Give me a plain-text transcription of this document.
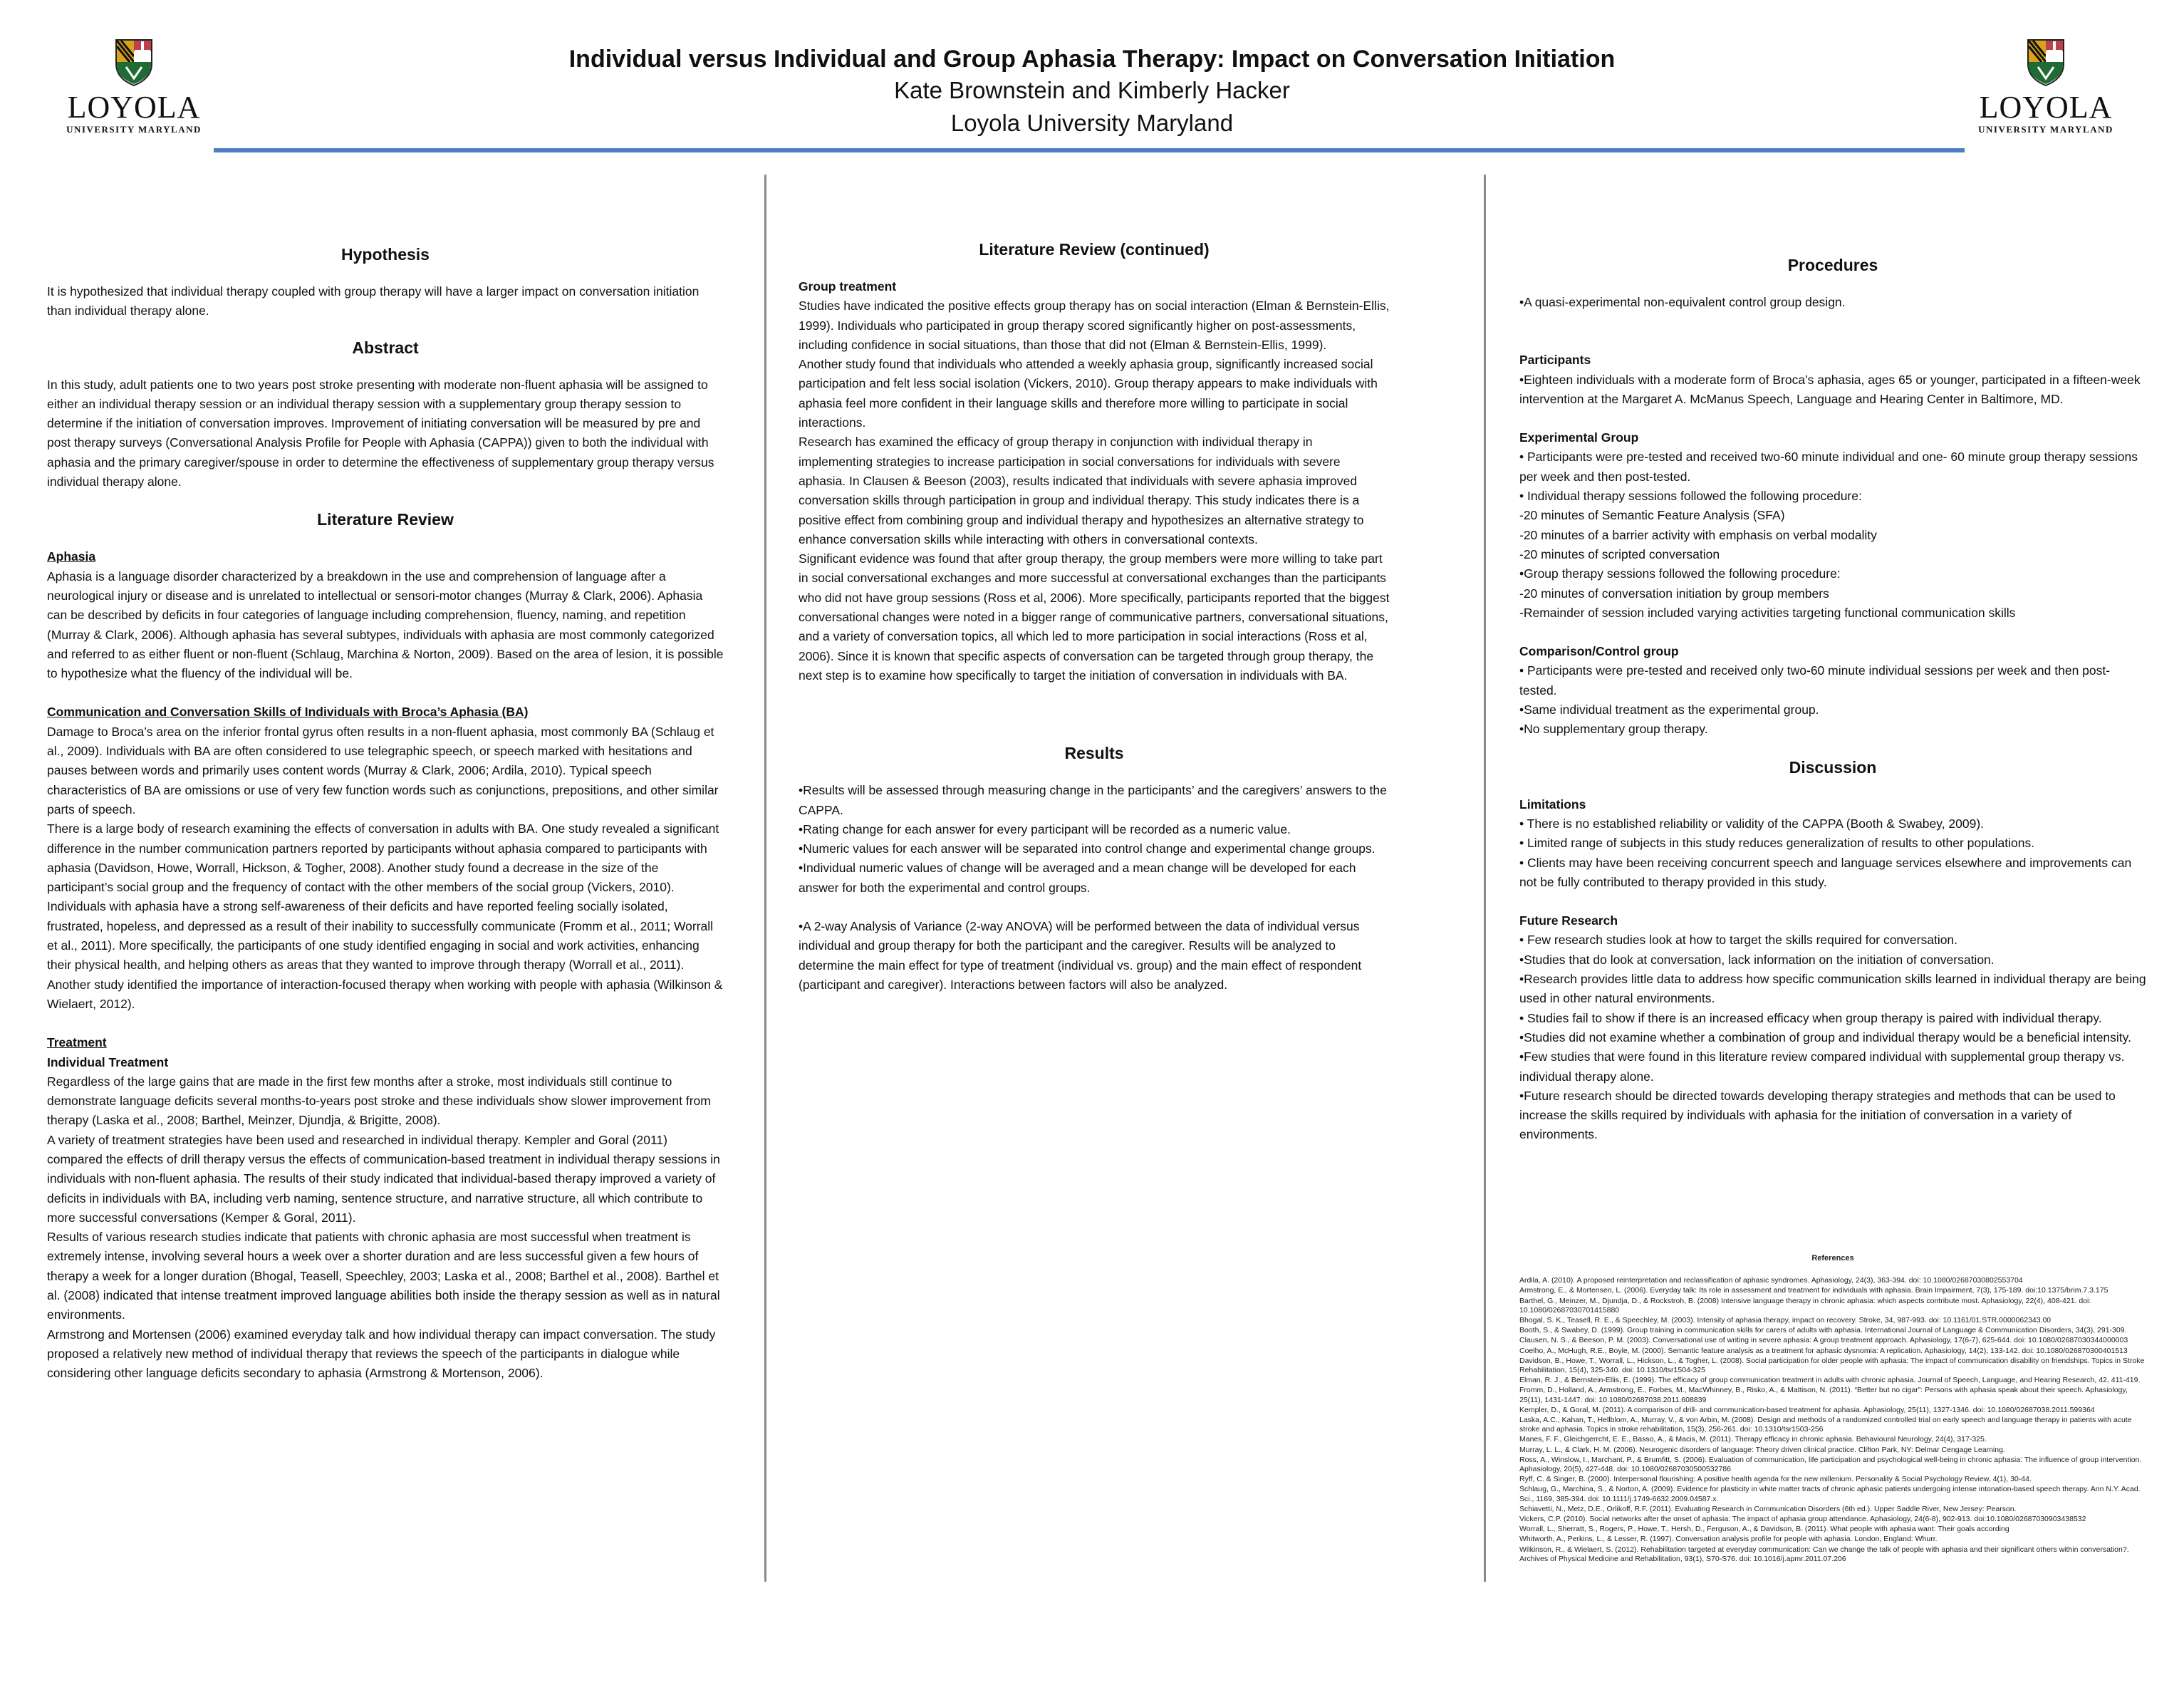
LOYOLA
UNIVERSITY MARYLAND
LOYOLA
UNIVERSITY MARYLAND

Individual versus Individual and Group Aphasia Therapy: Impact on Conversation Initiation

Kate Brownstein and Kimberly Hacker

Loyola University Maryland

Hypothesis

It is hypothesized that individual therapy coupled with group therapy will have a larger impact on conversation initiation than individual therapy alone.

Abstract

In this study, adult patients one to two years post stroke presenting with moderate non-fluent aphasia will be assigned to either an individual therapy session or an individual therapy session with a supplementary group therapy session to determine if the initiation of conversation improves. Improvement of initiating conversation will be measured by pre and post therapy surveys (Conversational Analysis Profile for People with Aphasia (CAPPA)) given to both the individual with aphasia and the primary caregiver/spouse in order to determine the effectiveness of supplementary group therapy versus individual therapy alone.

Literature Review

Aphasia

Aphasia is a language disorder characterized by a breakdown in the use and comprehension of language after a neurological injury or disease and is unrelated to intellectual or sensori-motor changes (Murray & Clark, 2006). Aphasia can be described by deficits in four categories of language including comprehension, fluency, naming, and repetition (Murray & Clark, 2006). Although aphasia has several subtypes, individuals with aphasia are most commonly categorized and referred to as either fluent or non-fluent (Schlaug, Marchina & Norton, 2009). Based on the area of lesion, it is possible to hypothesize what the fluency of the individual will be.

Communication and Conversation Skills of Individuals with Broca’s Aphasia (BA)

Damage to Broca’s area on the inferior frontal gyrus often results in a non-fluent aphasia, most commonly BA (Schlaug et al., 2009). Individuals with BA are often considered to use telegraphic speech, or speech marked with hesitations and pauses between words and primarily uses content words (Murray & Clark, 2006; Ardila, 2010). Typical speech characteristics of BA are omissions or use of very few function words such as conjunctions, prepositions, and other similar parts of speech.

There is a large body of research examining the effects of conversation in adults with BA. One study revealed a significant difference in the number communication partners reported by participants without aphasia compared to participants with aphasia (Davidson, Howe, Worrall, Hickson, & Togher, 2008). Another study found a decrease in the size of the participant’s social group and the frequency of contact with the other members of the social group (Vickers, 2010).

Individuals with aphasia have a strong self-awareness of their deficits and have reported feeling socially isolated, frustrated, hopeless, and depressed as a result of their inability to successfully communicate (Fromm et al., 2011; Worrall et al., 2011). More specifically, the participants of one study identified engaging in social and work activities, enhancing their physical health, and helping others as areas that they wanted to improve through therapy (Worrall et al., 2011). Another study identified the importance of interaction-focused therapy when working with people with aphasia (Wilkinson & Wielaert, 2012).

Treatment

Individual Treatment

Regardless of the large gains that are made in the first few months after a stroke, most individuals still continue to demonstrate language deficits several months-to-years post stroke and these individuals show slower improvement from therapy (Laska et al., 2008; Barthel, Meinzer, Djundja, & Brigitte, 2008).

A variety of treatment strategies have been used and researched in individual therapy. Kempler and Goral (2011) compared the effects of drill therapy versus the effects of communication-based treatment in individual therapy sessions in individuals with non-fluent aphasia. The results of their study indicated that individual-based therapy improved a variety of deficits in individuals with BA, including verb naming, sentence structure, and narrative structure, all which contribute to more successful conversations (Kemper & Goral, 2011).

Results of various research studies indicate that patients with chronic aphasia are most successful when treatment is extremely intense, involving several hours a week over a shorter duration and are less successful given a few hours of therapy a week for a longer duration (Bhogal, Teasell, Speechley, 2003; Laska et al., 2008; Barthel et al., 2008). Barthel et al. (2008) indicated that intense treatment improved language abilities both inside the therapy session as well as in natural environments.

Armstrong and Mortensen (2006) examined everyday talk and how individual therapy can impact conversation. The study proposed a relatively new method of individual therapy that reviews the speech of the participants in dialogue while considering other language deficits secondary to aphasia (Armstrong & Mortenson, 2006).

Literature Review (continued)

Group treatment

Studies have indicated the positive effects group therapy has on social interaction (Elman & Bernstein-Ellis, 1999). Individuals who participated in group therapy scored significantly higher on post-assessments, including confidence in social situations, than those that did not (Elman & Bernstein-Ellis, 1999).

Another study found that individuals who attended a weekly aphasia group, significantly increased social participation and felt less social isolation (Vickers, 2010). Group therapy appears to make individuals with aphasia feel more confident in their language skills and therefore more willing to participate in social interactions.

Research has examined the efficacy of group therapy in conjunction with individual therapy in implementing strategies to increase participation in social conversations for individuals with severe aphasia. In Clausen & Beeson (2003), results indicated that individuals with severe aphasia improved conversation skills through participation in group and individual therapy. This study indicates there is a positive effect from combining group and individual therapy and hypothesizes an alternative strategy to enhance conversation skills while interacting with others in conversational contexts.

Significant evidence was found that after group therapy, the group members were more willing to take part in social conversational exchanges and more successful at conversational exchanges than the participants who did not have group sessions (Ross et al, 2006). More specifically, participants reported that the biggest conversational changes were noted in a bigger range of communicative partners, conversational situations, and a variety of conversation topics, all which led to more participation in social interactions (Ross et al, 2006). Since it is known that specific aspects of conversation can be targeted through group therapy, the next step is to examine how specifically to target the initiation of conversation in individuals with BA.

Results

•Results will be assessed through measuring change in the participants’ and the caregivers’ answers to the CAPPA.

•Rating change for each answer for every participant will be recorded as a numeric value.

•Numeric values for each answer will be separated into control change and experimental change groups.

•Individual numeric values of change will be averaged and a mean change will be developed for each answer for both the experimental and control groups.

•A 2-way Analysis of Variance (2-way ANOVA) will be performed between the data of individual versus individual and group therapy for both the participant and the caregiver. Results will be analyzed to determine the main effect for type of treatment (individual vs. group) and the main effect of respondent (participant and caregiver). Interactions between factors will also be analyzed.

Procedures

•A quasi-experimental non-equivalent control group design.

Participants

•Eighteen individuals with a moderate form of Broca’s aphasia, ages 65 or younger, participated in a fifteen-week intervention at the Margaret A. McManus Speech, Language and Hearing Center in Baltimore, MD.

Experimental Group

• Participants were pre-tested and received two-60 minute individual and one- 60 minute group therapy sessions per week and then post-tested.

• Individual therapy sessions followed the following procedure:

-20 minutes of Semantic Feature Analysis (SFA)

-20 minutes of a barrier activity with emphasis on verbal modality

-20 minutes of scripted conversation

•Group therapy sessions followed the following procedure:

-20 minutes of conversation initiation by group members

-Remainder of session included varying activities targeting functional communication skills

Comparison/Control group

• Participants were pre-tested and received only two-60 minute individual sessions per week and then post-tested.

•Same individual treatment as the experimental group.

•No supplementary group therapy.

Discussion

Limitations

• There is no established reliability or validity of the CAPPA (Booth & Swabey, 2009).

• Limited range of subjects in this study reduces generalization of results to other populations.

• Clients may have been receiving concurrent speech and language services elsewhere and improvements can not be fully contributed to therapy provided in this study.

Future Research

• Few research studies look at how to target the skills required for conversation.

•Studies that do look at conversation, lack information on the initiation of conversation.

•Research provides little data to address how specific communication skills learned in individual therapy are being used in other natural environments.

• Studies fail to show if there is an increased efficacy when group therapy is paired with individual therapy.

•Studies did not examine whether a combination of group and individual therapy would be a beneficial intensity.

•Few studies that were found in this literature review compared individual with supplemental group therapy vs. individual therapy alone.

•Future research should be directed towards developing therapy strategies and methods that can be used to increase the skills required by individuals with aphasia for the initiation of conversation in a variety of environments.

References

Ardila, A. (2010). A proposed reinterpretation and reclassification of aphasic syndromes. Aphasiology, 24(3), 363-394. doi: 10.1080/02687030802553704

Armstrong, E., & Mortensen, L. (2006). Everyday talk: Its role in assessment and treatment for individuals with aphasia. Brain Impairment, 7(3), 175-189. doi:10.1375/brim.7.3.175

Barthel, G., Meinzer, M., Djundja, D., & Rockstroh, B. (2008) Intensive language therapy in chronic aphasia: which aspects contribute most. Aphasiology, 22(4), 408-421. doi: 10.1080/02687030701415880

Bhogal, S. K., Teasell, R. E., & Speechley, M. (2003). Intensity of aphasia therapy, impact on recovery. Stroke, 34, 987-993. doi: 10.1161/01.STR.0000062343.00

Booth, S., & Swabey, D. (1999). Group training in communication skills for carers of adults with aphasia. International Journal of Language & Communication Disorders, 34(3), 291-309.

Clausen, N. S., & Beeson, P. M. (2003). Conversational use of writing in severe aphasia: A group treatment approach. Aphasiology, 17(6-7), 625-644. doi: 10.1080/02687030344000003

Coelho, A., McHugh, R.E., Boyle, M. (2000). Semantic feature analysis as a treatment for aphasic dysnomia: A replication. Aphasiology, 14(2), 133-142. doi: 10.1080/026870300401513

Davidson, B., Howe, T., Worrall, L., Hickson, L., & Togher, L. (2008). Social participation for older people with aphasia: The impact of communication disability on friendships. Topics in Stroke Rehabilitation, 15(4), 325-340. doi: 10.1310/tsr1504-325

Elman, R. J., & Bernstein-Ellis, E. (1999). The efficacy of group communication treatment in adults with chronic aphasia. Journal of Speech, Language, and Hearing Research, 42, 411-419.

Fromm, D., Holland, A., Armstrong, E., Forbes, M., MacWhinney, B., Risko, A., & Mattison, N. (2011). “Better but no cigar”: Persons with aphasia speak about their speech. Aphasiology, 25(11), 1431-1447. doi: 10.1080/02687038.2011.608839

Kempler, D., & Goral, M. (2011). A comparison of drill- and communication-based treatment for aphasia. Aphasiology, 25(11), 1327-1346. doi: 10.1080/02687038.2011.599364

Laska, A.C., Kahan, T., Hellblom, A., Murray, V., & von Arbin, M. (2008). Design and methods of a randomized controlled trial on early speech and language therapy in patients with acute stroke and aphasia. Topics in stroke rehabilitation, 15(3), 256-261. doi: 10.1310/tsr1503-256

Manes, F. F., Gleichgerrcht, E. E., Basso, A., & Macis, M. (2011). Therapy efficacy in chronic aphasia. Behavioural Neurology, 24(4), 317-325.

Murray, L. L., & Clark, H. M. (2006). Neurogenic disorders of language: Theory driven clinical practice. Clifton Park, NY: Delmar Cengage Learning.

Ross, A., Winslow, I., Marchant, P., & Brumfitt, S. (2006). Evaluation of communication, life participation and psychological well-being in chronic aphasia: The influence of group intervention. Aphasiology, 20(5), 427-448. doi: 10.1080/02687030500532786

Ryff, C. & Singer, B. (2000). Interpersonal flourishing: A positive health agenda for the new millenium. Personality & Social Psychology Review, 4(1), 30-44.

Schlaug, G., Marchina, S., & Norton, A. (2009). Evidence for plasticity in white matter tracts of chronic aphasic patients undergoing intense intonation-based speech therapy. Ann N.Y. Acad. Sci., 1169, 385-394. doi: 10.1111/j.1749-6632.2009.04587.x.

Schiavetti, N., Metz, D.E., Orlikoff, R.F. (2011). Evaluating Research in Communication Disorders (6th ed.). Upper Saddle River, New Jersey: Pearson.

Vickers, C.P. (2010). Social networks after the onset of aphasia: The impact of aphasia group attendance. Aphasiology, 24(6-8), 902-913. doi:10.1080/02687030903438532

Worrall, L., Sherratt, S., Rogers, P., Howe, T., Hersh, D., Ferguson, A., & Davidson, B. (2011). What people with aphasia want: Their goals according

Whitworth, A., Perkins, L., & Lesser, R. (1997). Conversation analysis profile for people with aphasia. London, England: Whurr.

Wilkinson, R., & Wielaert, S. (2012). Rehabilitation targeted at everyday communication: Can we change the talk of people with aphasia and their significant others within conversation?. Archives of Physical Medicine and Rehabilitation, 93(1), S70-S76. doi: 10.1016/j.apmr.2011.07.206
